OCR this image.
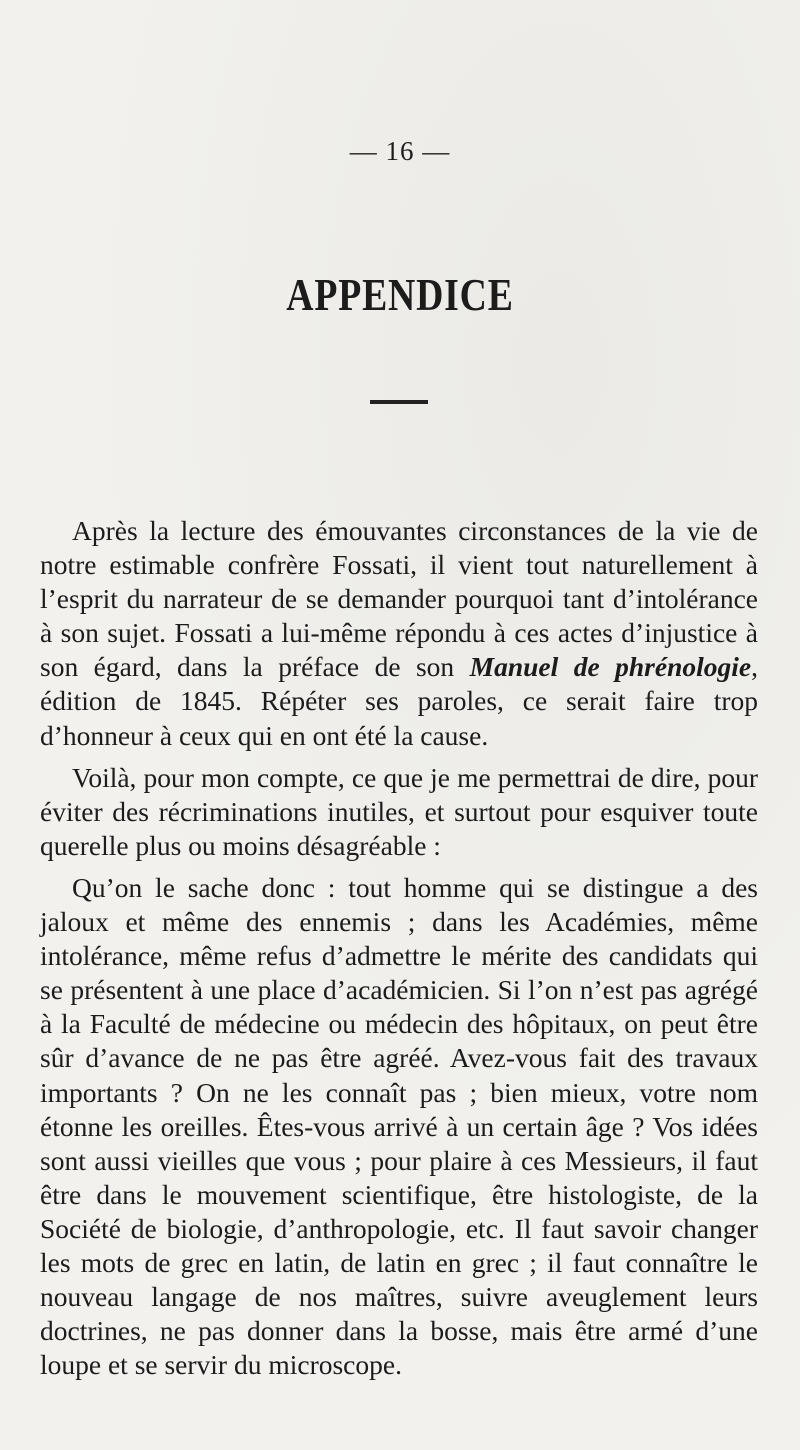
— 16 —
APPENDICE

Après la lecture des émouvantes circonstances de la vie de notre estimable confrère Fossati, il vient tout naturellement à l’esprit du narrateur de se demander pourquoi tant d’intolérance à son sujet. Fossati a lui-même répondu à ces actes d’injustice à son égard, dans la préface de son Manuel de phrénologie, édition de 1845. Répéter ses paroles, ce serait faire trop d’honneur à ceux qui en ont été la cause.

Voilà, pour mon compte, ce que je me permettrai de dire, pour éviter des récriminations inutiles, et surtout pour esquiver toute querelle plus ou moins désagréable :

Qu’on le sache donc : tout homme qui se distingue a des jaloux et même des ennemis ; dans les Académies, même intolérance, même refus d’admettre le mérite des candidats qui se présentent à une place d’académicien. Si l’on n’est pas agrégé à la Faculté de médecine ou médecin des hôpitaux, on peut être sûr d’avance de ne pas être agréé. Avez-vous fait des travaux importants ? On ne les connaît pas ; bien mieux, votre nom étonne les oreilles. Êtes-vous arrivé à un certain âge ? Vos idées sont aussi vieilles que vous ; pour plaire à ces Messieurs, il faut être dans le mouvement scientifique, être histologiste, de la Société de biologie, d’anthropologie, etc. Il faut savoir changer les mots de grec en latin, de latin en grec ; il faut connaître le nouveau langage de nos maîtres, suivre aveuglement leurs doctrines, ne pas donner dans la bosse, mais être armé d’une loupe et se servir du microscope.
